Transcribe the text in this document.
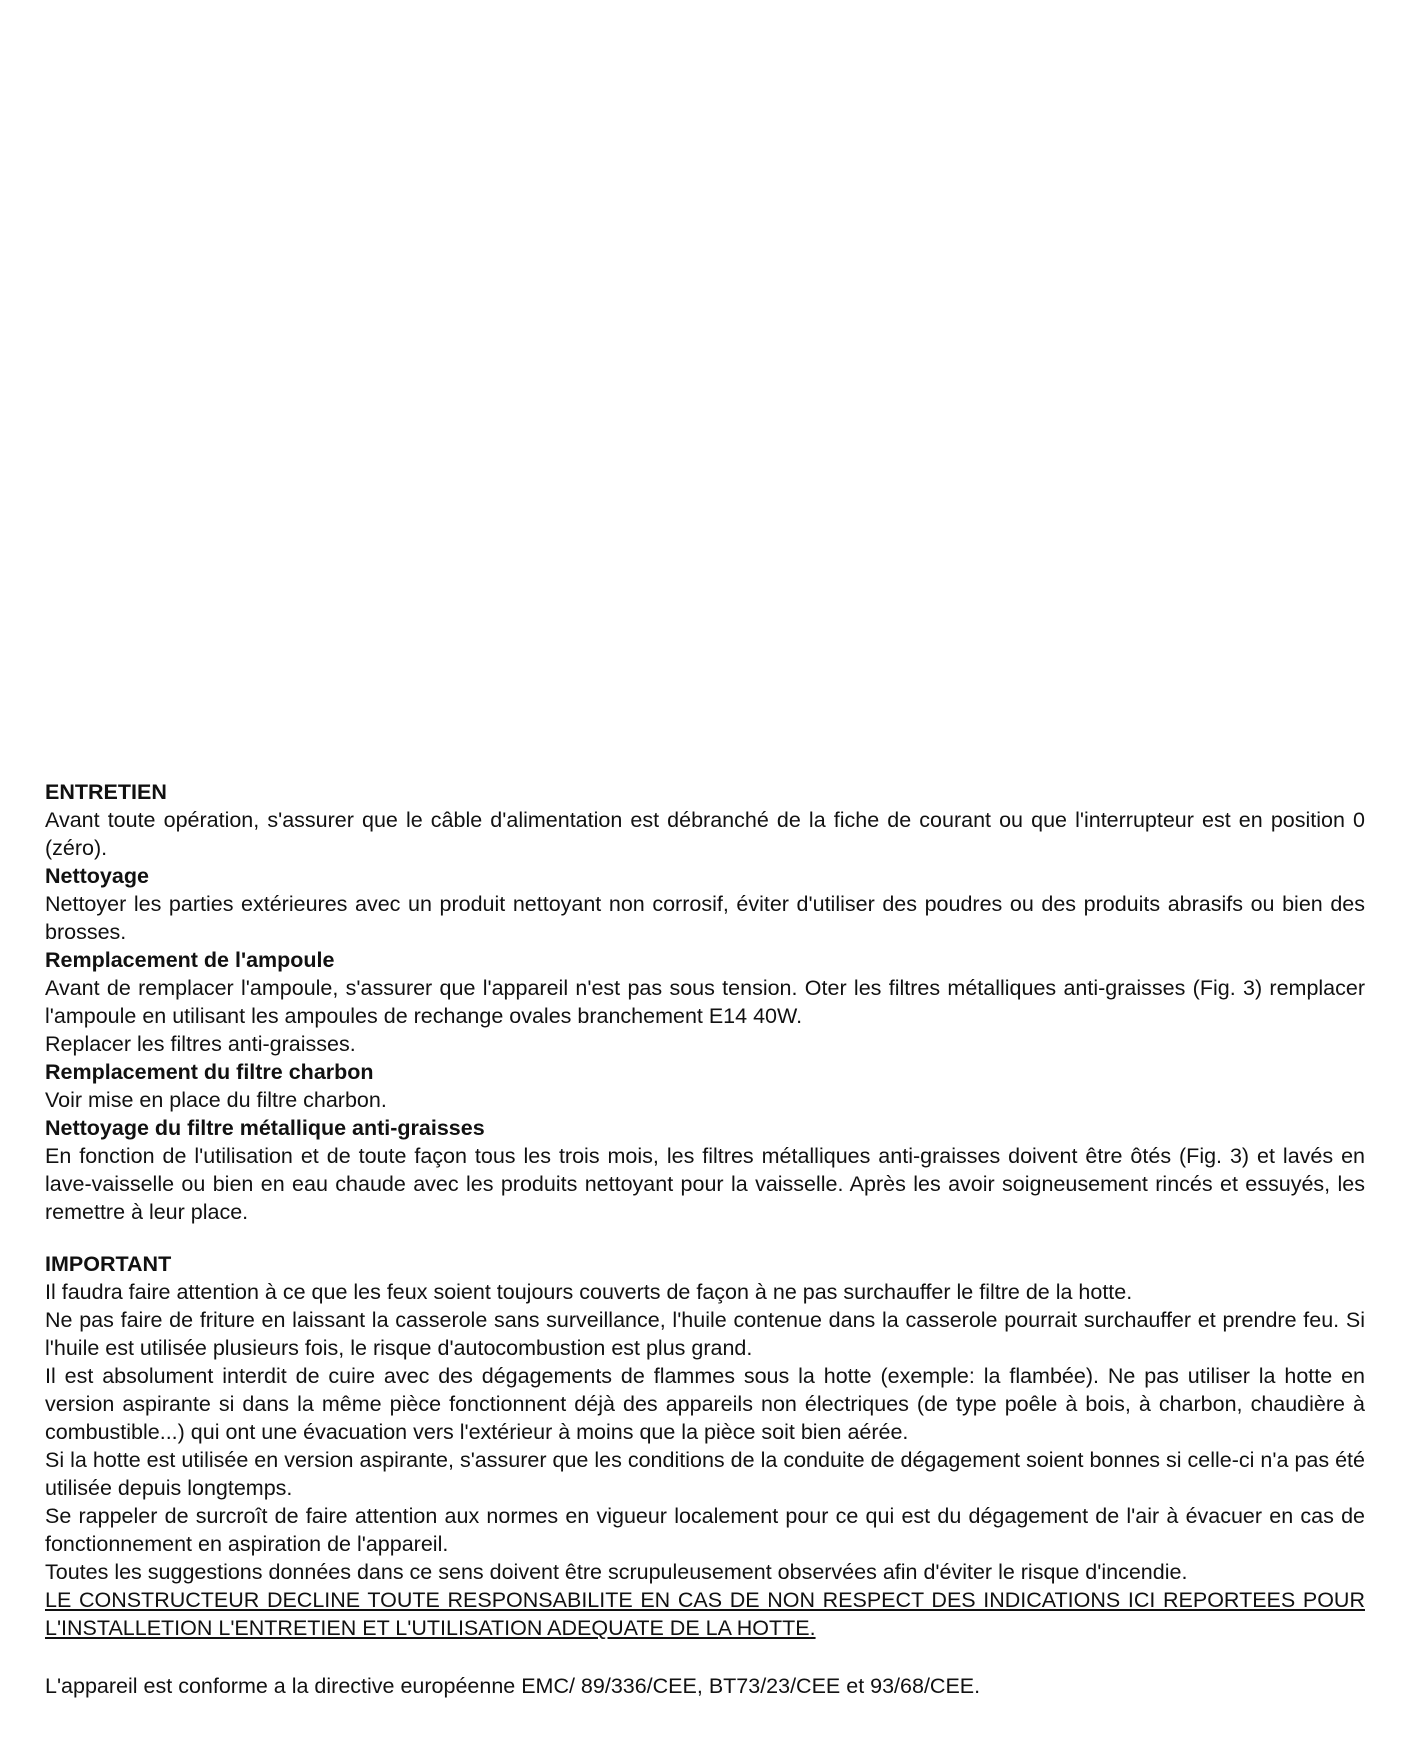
ENTRETIEN

Avant toute opération, s'assurer que le câble d'alimentation est débranché de la fiche de courant ou que l'interrupteur est en position 0 (zéro).

Nettoyage

Nettoyer les parties extérieures avec un produit nettoyant non corrosif, éviter d'utiliser des poudres ou des produits abrasifs ou bien des brosses.

Remplacement de l'ampoule

Avant de remplacer l'ampoule, s'assurer que l'appareil n'est pas sous tension. Oter les filtres métalliques anti-graisses (Fig. 3) remplacer l'ampoule en utilisant les ampoules de rechange ovales branchement E14 40W.

Replacer les filtres anti-graisses.

Remplacement du filtre charbon

Voir mise en place du filtre charbon.

Nettoyage du filtre métallique anti-graisses

En fonction de l'utilisation et de toute façon tous les trois mois, les filtres métalliques anti-graisses doivent être ôtés (Fig. 3) et lavés en lave-vaisselle ou bien en eau chaude avec les produits nettoyant pour la vaisselle. Après les avoir soigneusement rincés et essuyés, les remettre à leur place.

IMPORTANT

Il faudra faire attention à ce que les feux soient toujours couverts de façon à ne pas surchauffer le filtre de la hotte.

Ne pas faire de friture en laissant la casserole sans surveillance, l'huile contenue dans la casserole pourrait surchauffer et prendre feu. Si l'huile est utilisée plusieurs fois, le risque d'autocombustion est plus grand.

Il est absolument interdit de cuire avec des dégagements de flammes sous la hotte (exemple: la flambée). Ne pas utiliser la hotte en version aspirante si dans la même pièce fonctionnent déjà des appareils non électriques (de type poêle à bois, à charbon, chaudière à combustible...) qui ont une évacuation vers l'extérieur à moins que la pièce soit bien aérée.

Si la hotte est utilisée en version aspirante, s'assurer que les conditions de la conduite de dégagement soient bonnes si celle-ci n'a pas été utilisée depuis longtemps.

Se rappeler de surcroît de faire attention aux normes en vigueur localement pour ce qui est du dégagement de l'air à évacuer en cas de fonctionnement en aspiration de l'appareil.

Toutes les suggestions données dans ce sens doivent être scrupuleusement observées afin d'éviter le risque d'incendie.

LE CONSTRUCTEUR DECLINE TOUTE RESPONSABILITE EN CAS DE NON RESPECT DES INDICATIONS ICI REPORTEES POUR L'INSTALLETION L'ENTRETIEN ET L'UTILISATION ADEQUATE DE LA HOTTE.

L'appareil est conforme a la directive européenne EMC/ 89/336/CEE, BT73/23/CEE et 93/68/CEE.
